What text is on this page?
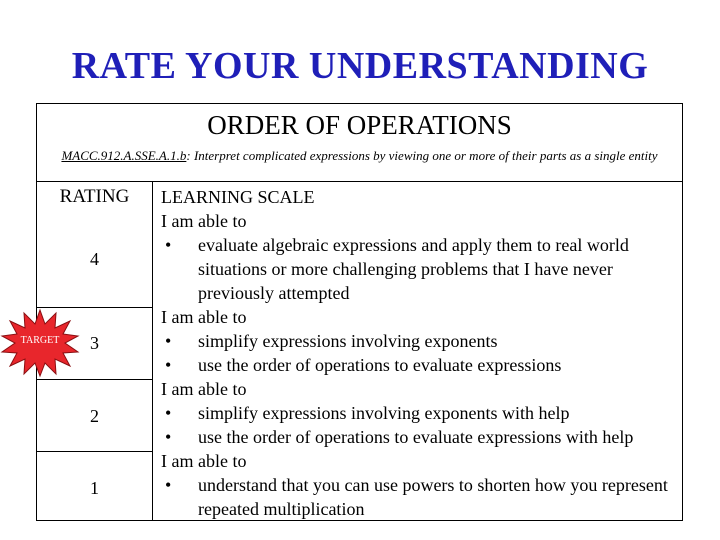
RATE YOUR UNDERSTANDING
ORDER OF OPERATIONS
MACC.912.A.SSE.A.1.b: Interpret complicated expressions by viewing one or more of their parts as a single entity
RATING
4
3
2
1
LEARNING SCALE
I am able to
• evaluate algebraic expressions and apply them to real world situations or more challenging problems that I have never previously attempted
I am able to
• simplify expressions involving exponents
• use the order of operations to evaluate expressions
I am able to
• simplify expressions involving exponents with help
• use the order of operations to evaluate expressions with help
I am able to
• understand that you can use powers to shorten how you represent repeated multiplication
TARGET
